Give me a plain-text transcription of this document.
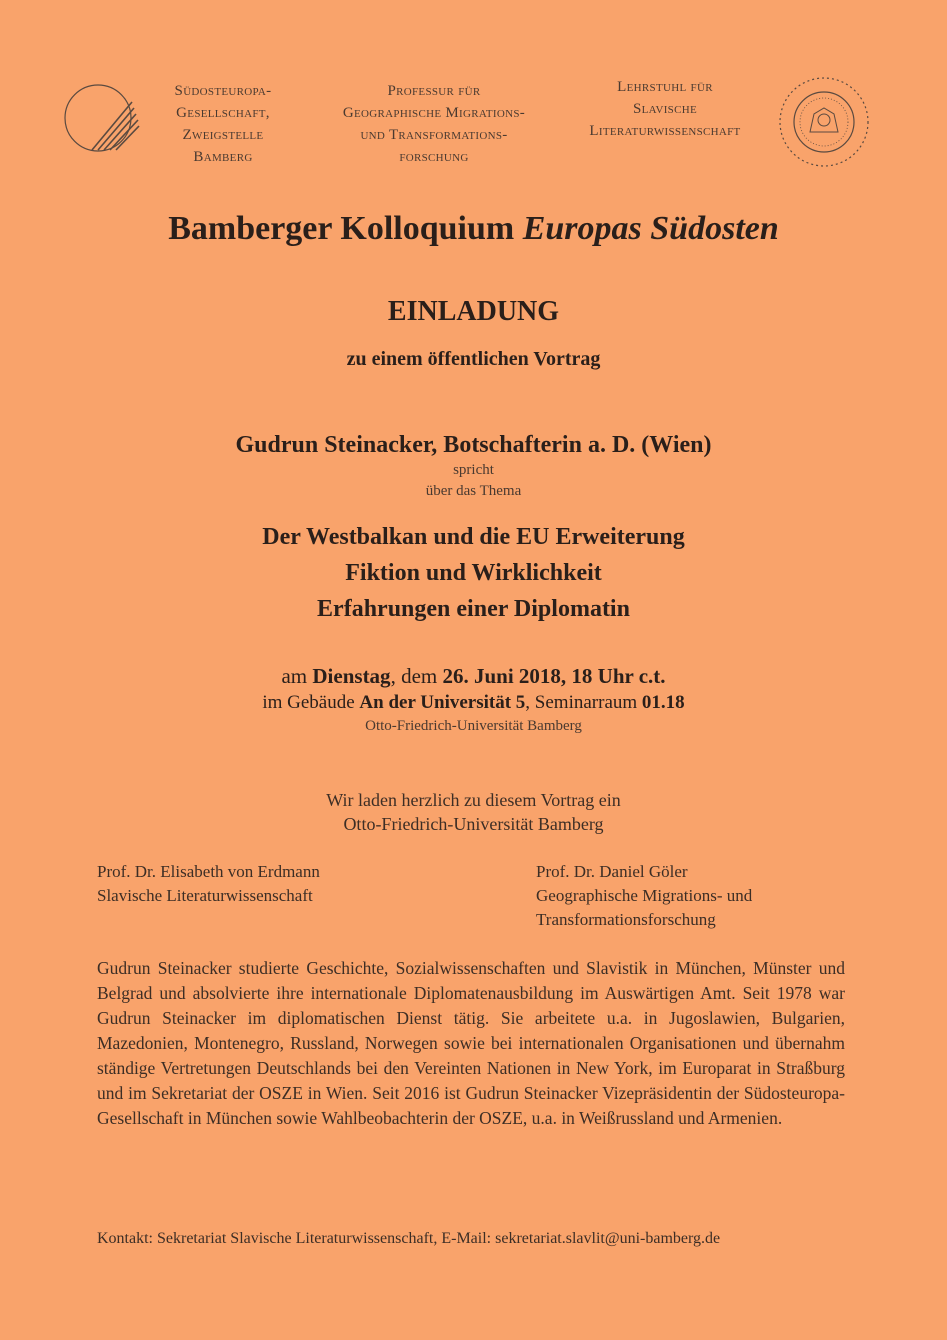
Südosteuropa-
Gesellschaft,
Zweigstelle
Bamberg
Professur für
Geographische Migrations-
und Transformations-
forschung
Lehrstuhl für
Slavische
Literaturwissenschaft
Bamberger Kolloquium Europas Südosten
EINLADUNG
zu einem öffentlichen Vortrag
Gudrun Steinacker, Botschafterin a. D. (Wien)
spricht
über das Thema
Der Westbalkan und die EU Erweiterung
Fiktion und Wirklichkeit
Erfahrungen einer Diplomatin
am Dienstag, dem 26. Juni 2018, 18 Uhr c.t.
im Gebäude An der Universität 5, Seminarraum 01.18
Otto-Friedrich-Universität Bamberg
Wir laden herzlich zu diesem Vortrag ein
Otto-Friedrich-Universität Bamberg
Prof. Dr. Elisabeth von Erdmann
Slavische Literaturwissenschaft
Prof. Dr. Daniel Göler
Geographische Migrations- und
Transformationsforschung
Gudrun Steinacker studierte Geschichte, Sozialwissenschaften und Slavistik in München, Münster und Belgrad und absolvierte ihre internationale Diplomatenausbildung im Auswärtigen Amt. Seit 1978 war Gudrun Steinacker im diplomatischen Dienst tätig. Sie arbeitete u.a. in Jugoslawien, Bulgarien, Mazedonien, Montenegro, Russland, Norwegen sowie bei internationalen Organisationen und übernahm ständige Vertretungen Deutschlands bei den Vereinten Nationen in New York, im Europarat in Straßburg und im Sekretariat der OSZE in Wien. Seit 2016 ist Gudrun Steinacker Vizepräsidentin der Südosteuropa-Gesellschaft in München sowie Wahlbeobachterin der OSZE, u.a. in Weißrussland und Armenien.
Kontakt: Sekretariat Slavische Literaturwissenschaft, E-Mail: sekretariat.slavlit@uni-bamberg.de
